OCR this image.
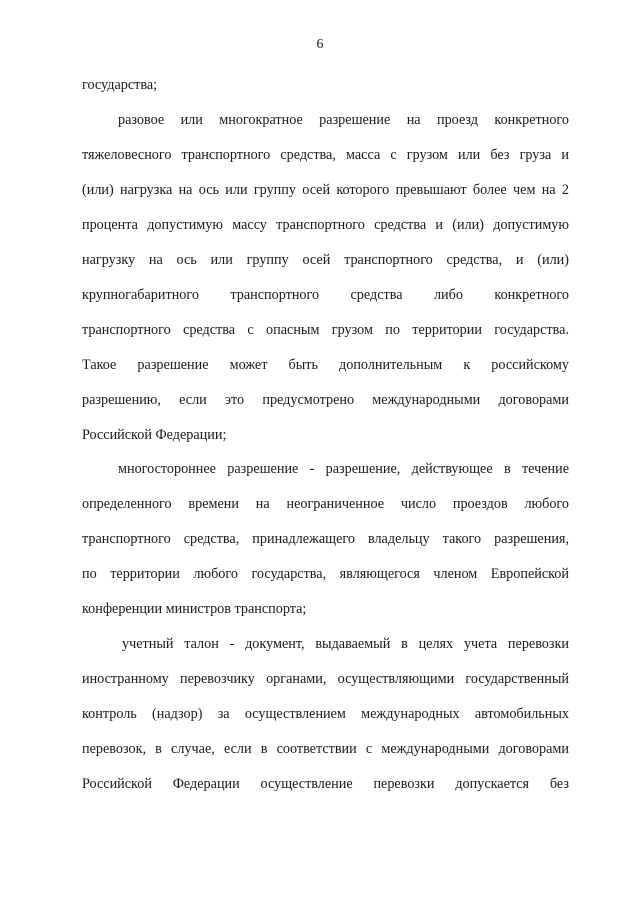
6
государства;
разовое или многократное разрешение на проезд конкретного
тяжеловесного транспортного средства, масса с грузом или без груза и
(или) нагрузка на ось или группу осей которого превышают более чем на 2
процента допустимую массу транспортного средства и (или) допустимую
нагрузку на ось или группу осей транспортного средства, и (или)
крупногабаритного транспортного средства либо конкретного
транспортного средства с опасным грузом по территории государства.
Такое разрешение может быть дополнительным к российскому
разрешению, если это предусмотрено международными договорами
Российской Федерации;
многостороннее разрешение - разрешение, действующее в течение
определенного времени на неограниченное число проездов любого
транспортного средства, принадлежащего владельцу такого разрешения,
по территории любого государства, являющегося членом Европейской
конференции министров транспорта;
учетный талон - документ, выдаваемый в целях учета перевозки
иностранному перевозчику органами, осуществляющими государственный
контроль (надзор) за осуществлением международных автомобильных
перевозок, в случае, если в соответствии с международными договорами
Российской Федерации осуществление перевозки допускается без
